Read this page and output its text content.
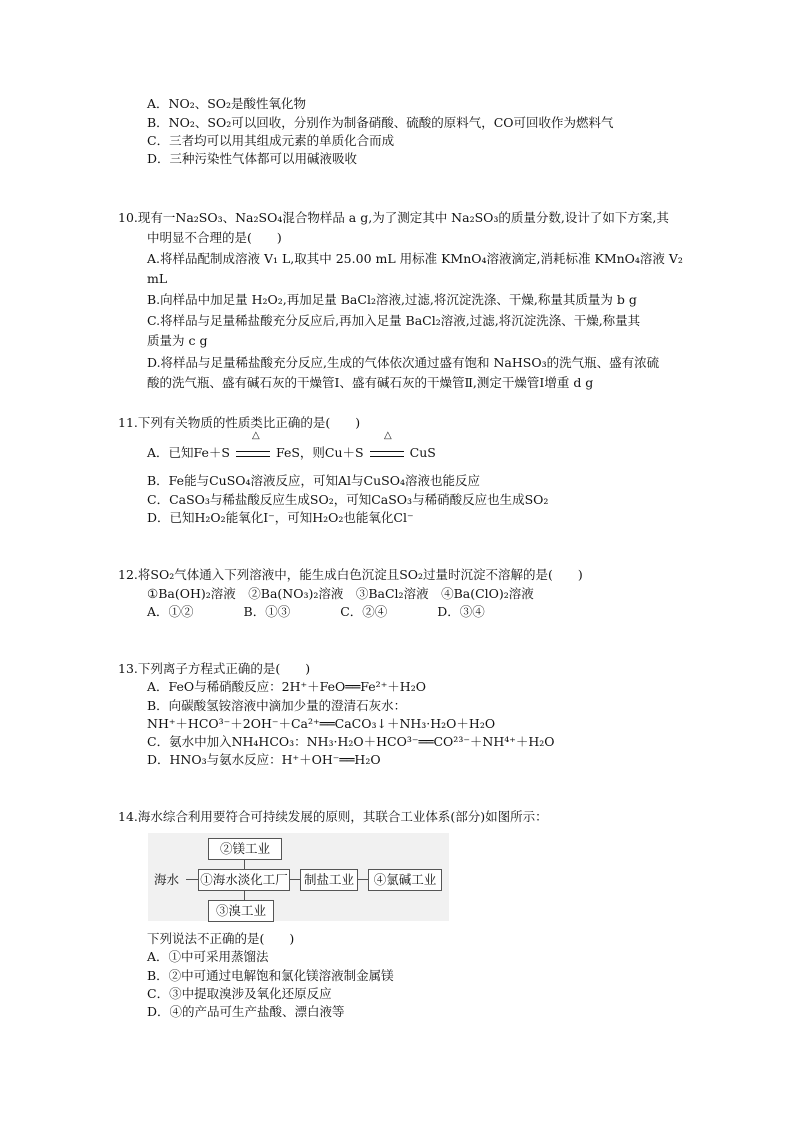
A．NO₂、SO₂是酸性氧化物
B．NO₂、SO₂可以回收，分别作为制备硝酸、硫酸的原料气，CO可回收作为燃料气
C．三者均可以用其组成元素的单质化合而成
D．三种污染性气体都可以用碱液吸收
10.现有一Na₂SO₃、Na₂SO₄混合物样品 a g,为了测定其中 Na₂SO₃的质量分数,设计了如下方案,其
中明显不合理的是(　　)
A.将样品配制成溶液 V₁ L,取其中 25.00 mL 用标准 KMnO₄溶液滴定,消耗标准 KMnO₄溶液 V₂
mL
B.向样品中加足量 H₂O₂,再加足量 BaCl₂溶液,过滤,将沉淀洗涤、干燥,称量其质量为 b g
C.将样品与足量稀盐酸充分反应后,再加入足量 BaCl₂溶液,过滤,将沉淀洗涤、干燥,称量其
质量为 c g
D.将样品与足量稀盐酸充分反应,生成的气体依次通过盛有饱和 NaHSO₃的洗气瓶、盛有浓硫
酸的洗气瓶、盛有碱石灰的干燥管Ⅰ、盛有碱石灰的干燥管Ⅱ,测定干燥管Ⅰ增重 d g
11.下列有关物质的性质类比正确的是(　　)
△	△
A．已知Fe＋S	FeS，则Cu＋S	CuS
B．Fe能与CuSO₄溶液反应，可知Al与CuSO₄溶液也能反应
C．CaSO₃与稀盐酸反应生成SO₂，可知CaSO₃与稀硝酸反应也生成SO₂
D．已知H₂O₂能氧化I⁻，可知H₂O₂也能氧化Cl⁻
12.将SO₂气体通入下列溶液中，能生成白色沉淀且SO₂过量时沉淀不溶解的是(　　)
①Ba(OH)₂溶液　②Ba(NO₃)₂溶液　③BaCl₂溶液　④Ba(ClO)₂溶液
A．①②　　　　B．①③　　　　C．②④　　　　D．③④
13.下列离子方程式正确的是(　　)
A．FeO与稀硝酸反应：2H⁺＋FeO══Fe²⁺＋H₂O
B．向碳酸氢铵溶液中滴加少量的澄清石灰水：
NH⁺＋HCO³⁻＋2OH⁻＋Ca²⁺══CaCO₃↓＋NH₃·H₂O＋H₂O
C．氨水中加入NH₄HCO₃：NH₃·H₂O＋HCO³⁻══CO²³⁻＋NH⁴⁺＋H₂O
D．HNO₃与氨水反应：H⁺＋OH⁻══H₂O
14.海水综合利用要符合可持续发展的原则，其联合工业体系(部分)如图所示：
海水
②镁工业
①海水淡化工厂	制盐工业	④氯碱工业
③溴工业
下列说法不正确的是(　　)
A．①中可采用蒸馏法
B．②中可通过电解饱和氯化镁溶液制金属镁
C．③中提取溴涉及氧化还原反应
D．④的产品可生产盐酸、漂白液等
